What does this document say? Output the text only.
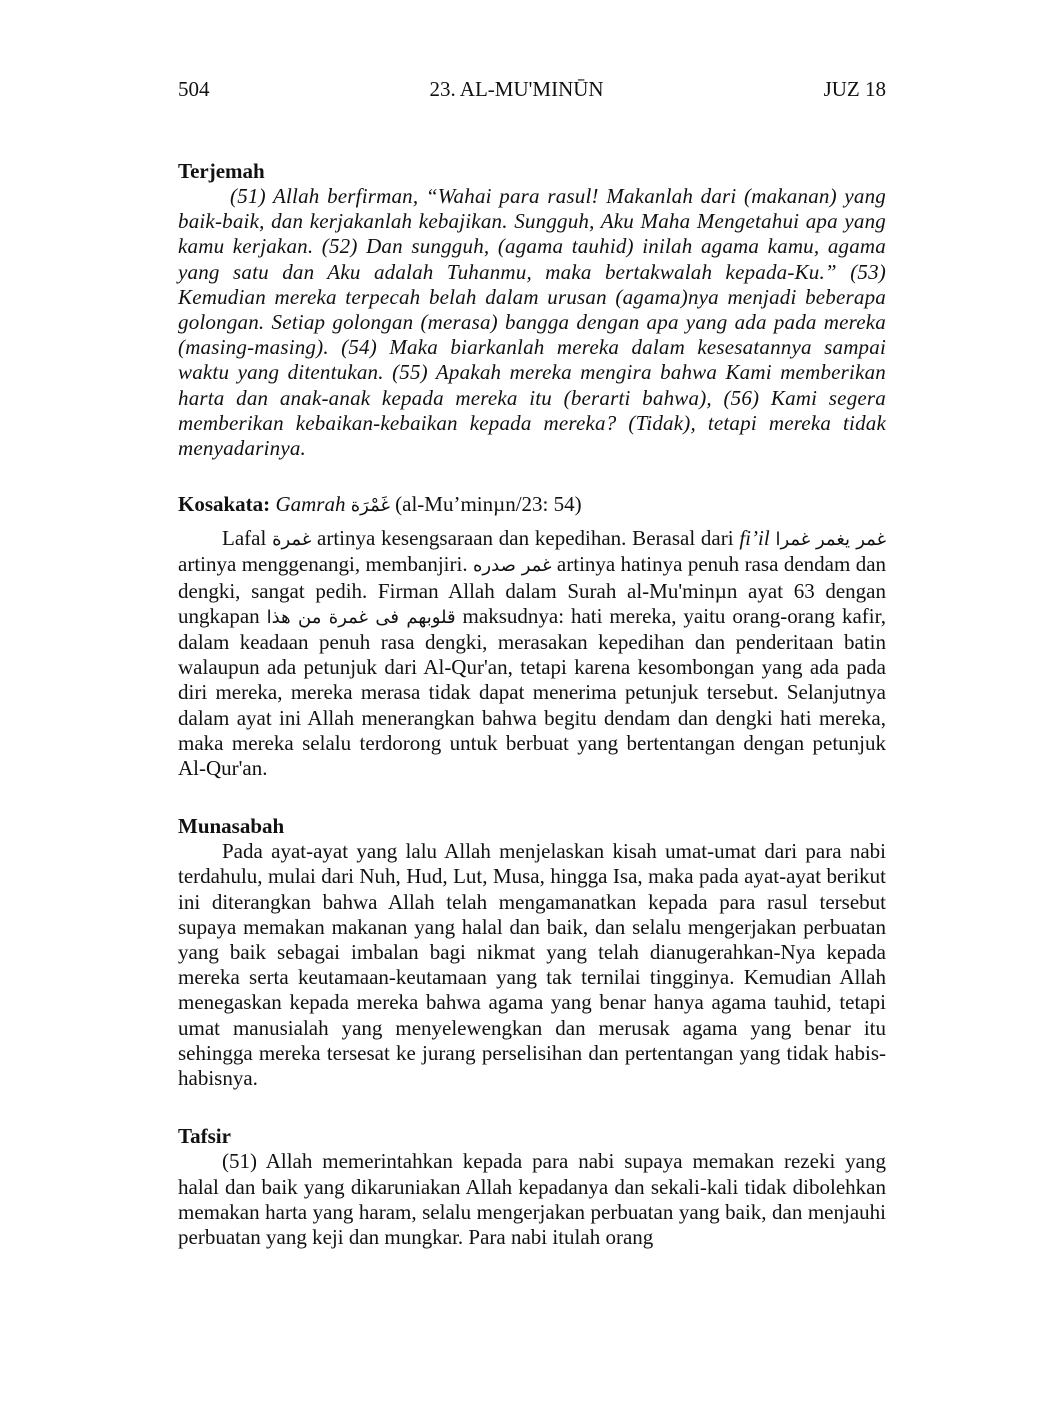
504	23. AL-MU'MINŪN	JUZ 18
Terjemah

(51) Allah berfirman, “Wahai para rasul! Makanlah dari (makanan) yang baik-baik, dan kerjakanlah kebajikan. Sungguh, Aku Maha Mengetahui apa yang kamu kerjakan. (52) Dan sungguh, (agama tauhid) inilah agama kamu, agama yang satu dan Aku adalah Tuhanmu, maka bertakwalah kepada-Ku.” (53) Kemudian mereka terpecah belah dalam urusan (agama)nya menjadi beberapa golongan. Setiap golongan (merasa) bangga dengan apa yang ada pada mereka (masing-masing). (54) Maka biarkanlah mereka dalam kesesatannya sampai waktu yang ditentukan. (55) Apakah mereka mengira bahwa Kami memberikan harta dan anak-anak kepada mereka itu (berarti bahwa), (56) Kami segera memberikan kebaikan-kebaikan kepada mereka? (Tidak), tetapi mereka tidak menyadarinya.

Kosakata: Gamrah غَمْرَة (al-Mu’minµn/23: 54)

Lafal غمرة artinya kesengsaraan dan kepedihan. Berasal dari fi’il غمرا غمر يغمر artinya menggenangi, membanjiri. غمر صدره artinya hatinya penuh rasa dendam dan dengki, sangat pedih. Firman Allah dalam Surah al-Mu'minµn ayat 63 dengan ungkapan قلوبهم فى غمرة من هذا maksudnya: hati mereka, yaitu orang-orang kafir, dalam keadaan penuh rasa dengki, merasakan kepedihan dan penderitaan batin walaupun ada petunjuk dari Al-Qur'an, tetapi karena kesombongan yang ada pada diri mereka, mereka merasa tidak dapat menerima petunjuk tersebut. Selanjutnya dalam ayat ini Allah menerangkan bahwa begitu dendam dan dengki hati mereka, maka mereka selalu terdorong untuk berbuat yang bertentangan dengan petunjuk Al-Qur'an.

Munasabah

Pada ayat-ayat yang lalu Allah menjelaskan kisah umat-umat dari para nabi terdahulu, mulai dari Nuh, Hud, Lut, Musa, hingga Isa, maka pada ayat-ayat berikut ini diterangkan bahwa Allah telah mengamanatkan kepada para rasul tersebut supaya memakan makanan yang halal dan baik, dan selalu mengerjakan perbuatan yang baik sebagai imbalan bagi nikmat yang telah dianugerahkan-Nya kepada mereka serta keutamaan-keutamaan yang tak ternilai tingginya. Kemudian Allah menegaskan kepada mereka bahwa agama yang benar hanya agama tauhid, tetapi umat manusialah yang menyelewengkan dan merusak agama yang benar itu sehingga mereka tersesat ke jurang perselisihan dan pertentangan yang tidak habis-habisnya.

Tafsir

(51) Allah memerintahkan kepada para nabi supaya memakan rezeki yang halal dan baik yang dikaruniakan Allah kepadanya dan sekali-kali tidak dibolehkan memakan harta yang haram, selalu mengerjakan perbuatan yang baik, dan menjauhi perbuatan yang keji dan mungkar. Para nabi itulah orang
